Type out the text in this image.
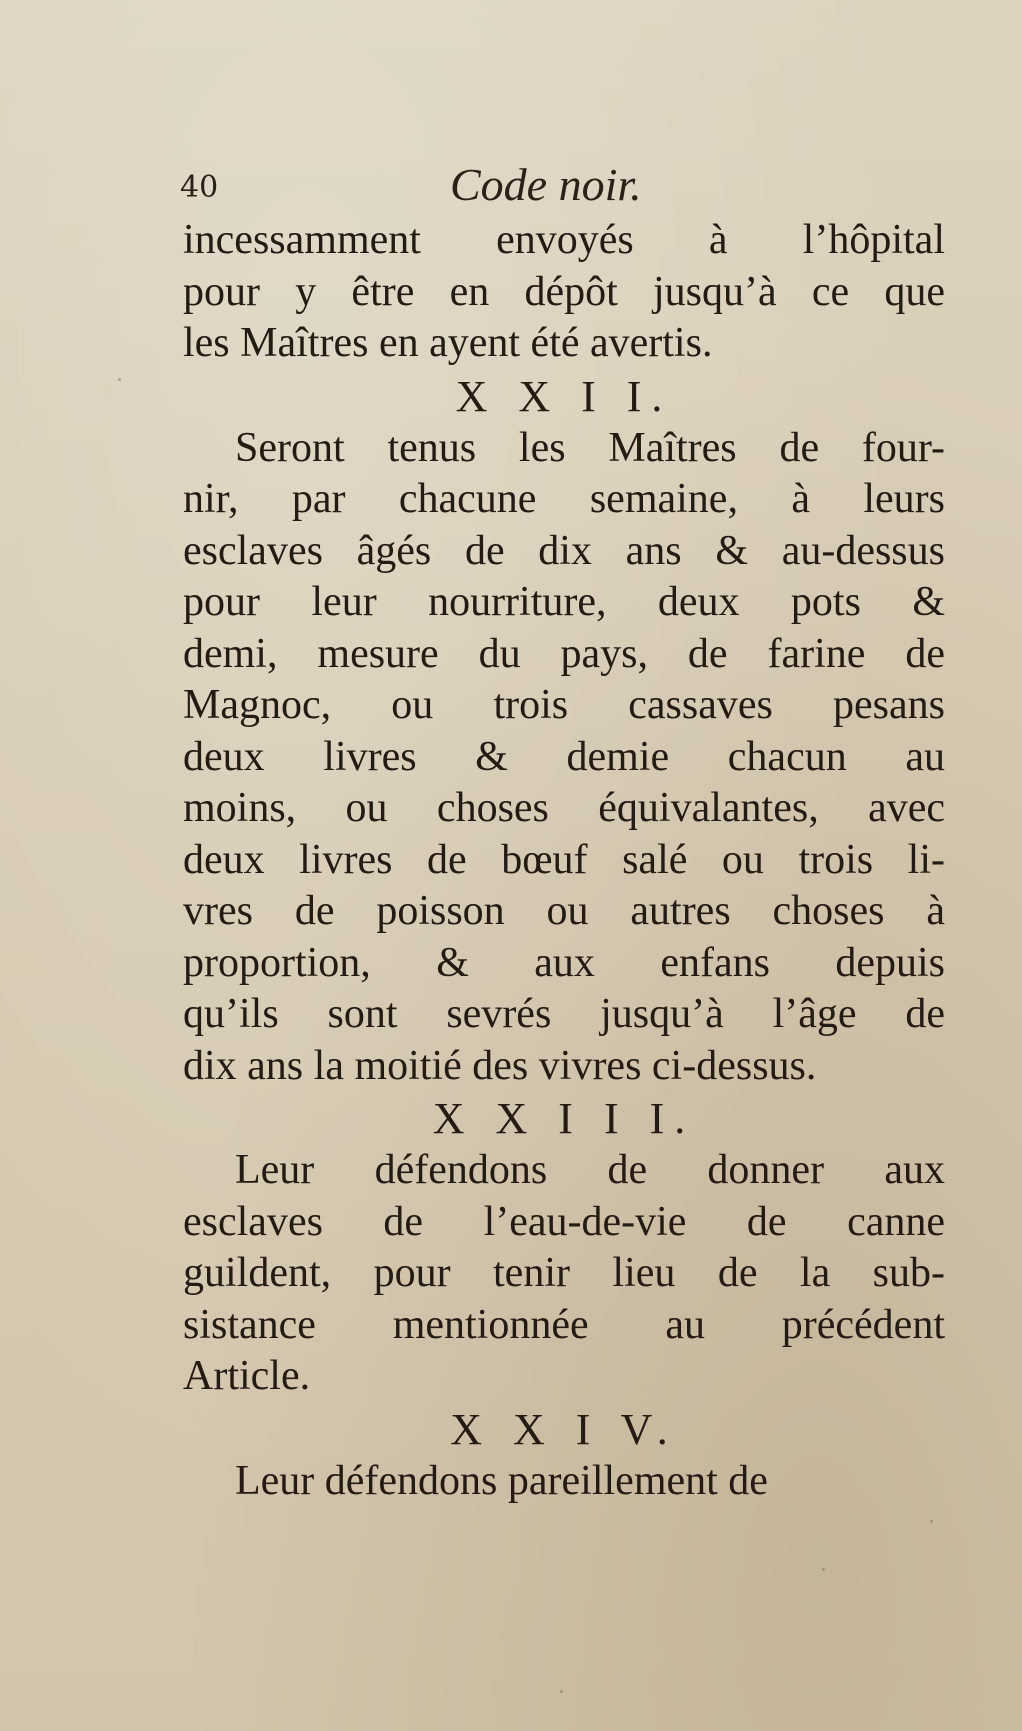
40	Code noir.
incessamment envoyés à l’hôpital
pour y être en dépôt jusqu’à ce que
les Maîtres en ayent été avertis.
X X I I.
Seront tenus les Maîtres de four-
nir, par chacune semaine, à leurs
esclaves âgés de dix ans & au-dessus
pour leur nourriture, deux pots &
demi, mesure du pays, de farine de
Magnoc, ou trois cassaves pesans
deux livres & demie chacun au
moins, ou choses équivalantes, avec
deux livres de bœuf salé ou trois li-
vres de poisson ou autres choses à
proportion, & aux enfans depuis
qu’ils sont sevrés jusqu’à l’âge de
dix ans la moitié des vivres ci-dessus.
X X I I I.
Leur défendons de donner aux
esclaves de l’eau-de-vie de canne
guildent, pour tenir lieu de la sub-
sistance mentionnée au précédent
Article.
X X I V.
Leur défendons pareillement de
